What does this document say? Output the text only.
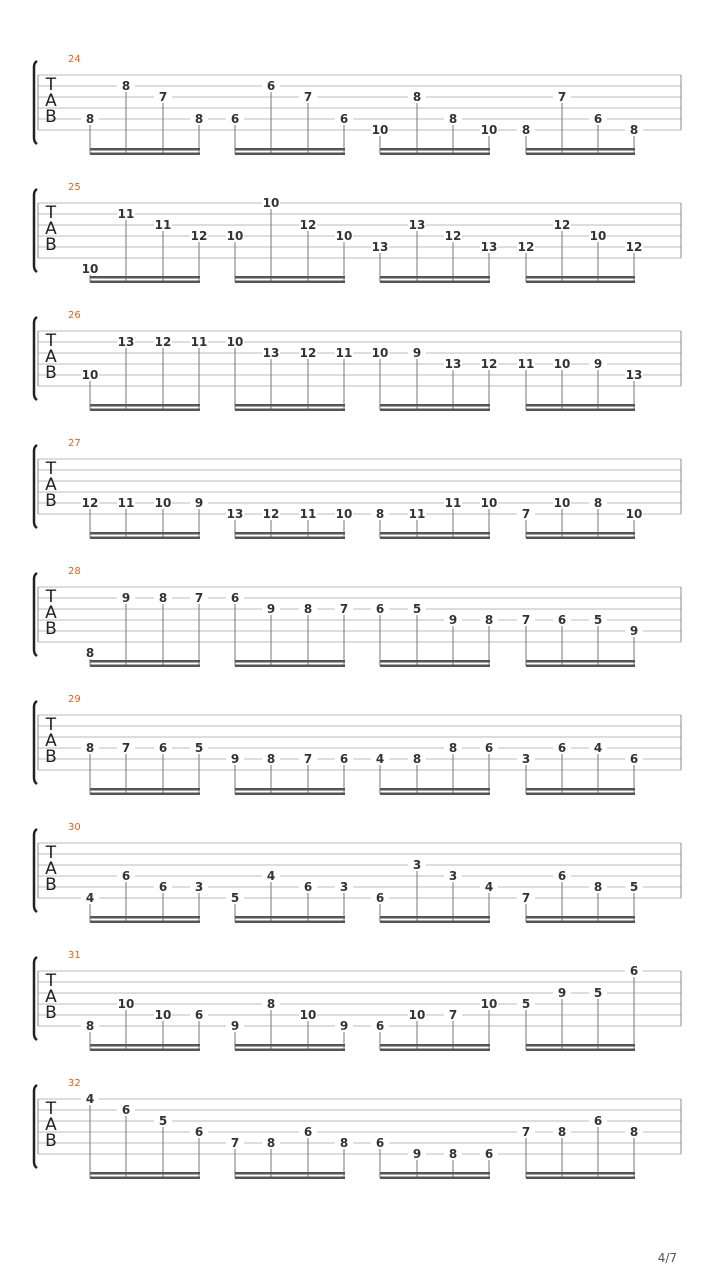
T
A
B
24
8
8
7
8 6
6
7
6
10
8
8
10 8
7
6
8
T
A
B
25
10
11
11
12 10
10
12
10
13
13
12
13 12
12
10
12
T
A
B
26
10
13 12 11 10
13 12 11 10 9
13 12 11 10 9
13
T
A
B
27
12 11 10 9
13 12 11 10 8 11
11 10
7
10 8
10
T
A
B
28
8
9 8 7 6
9 8 7 6 5
9 8 7 6 5
9
T
A
B
29
8 7 6 5
9 8 7 6 4 8
8 6
3
6 4
6
T
A
B
30
4
6
6 3
5
4
6 3
6
3
3
4
7
6
8 5
T
A
B
31
8
10
10 6
9
8
10
9 6
10 7
10 5
9 5
6
T
A
B
32
4
6
5
6
7 8
6
8 6
9 8 6
7 8
6
8
4/7
